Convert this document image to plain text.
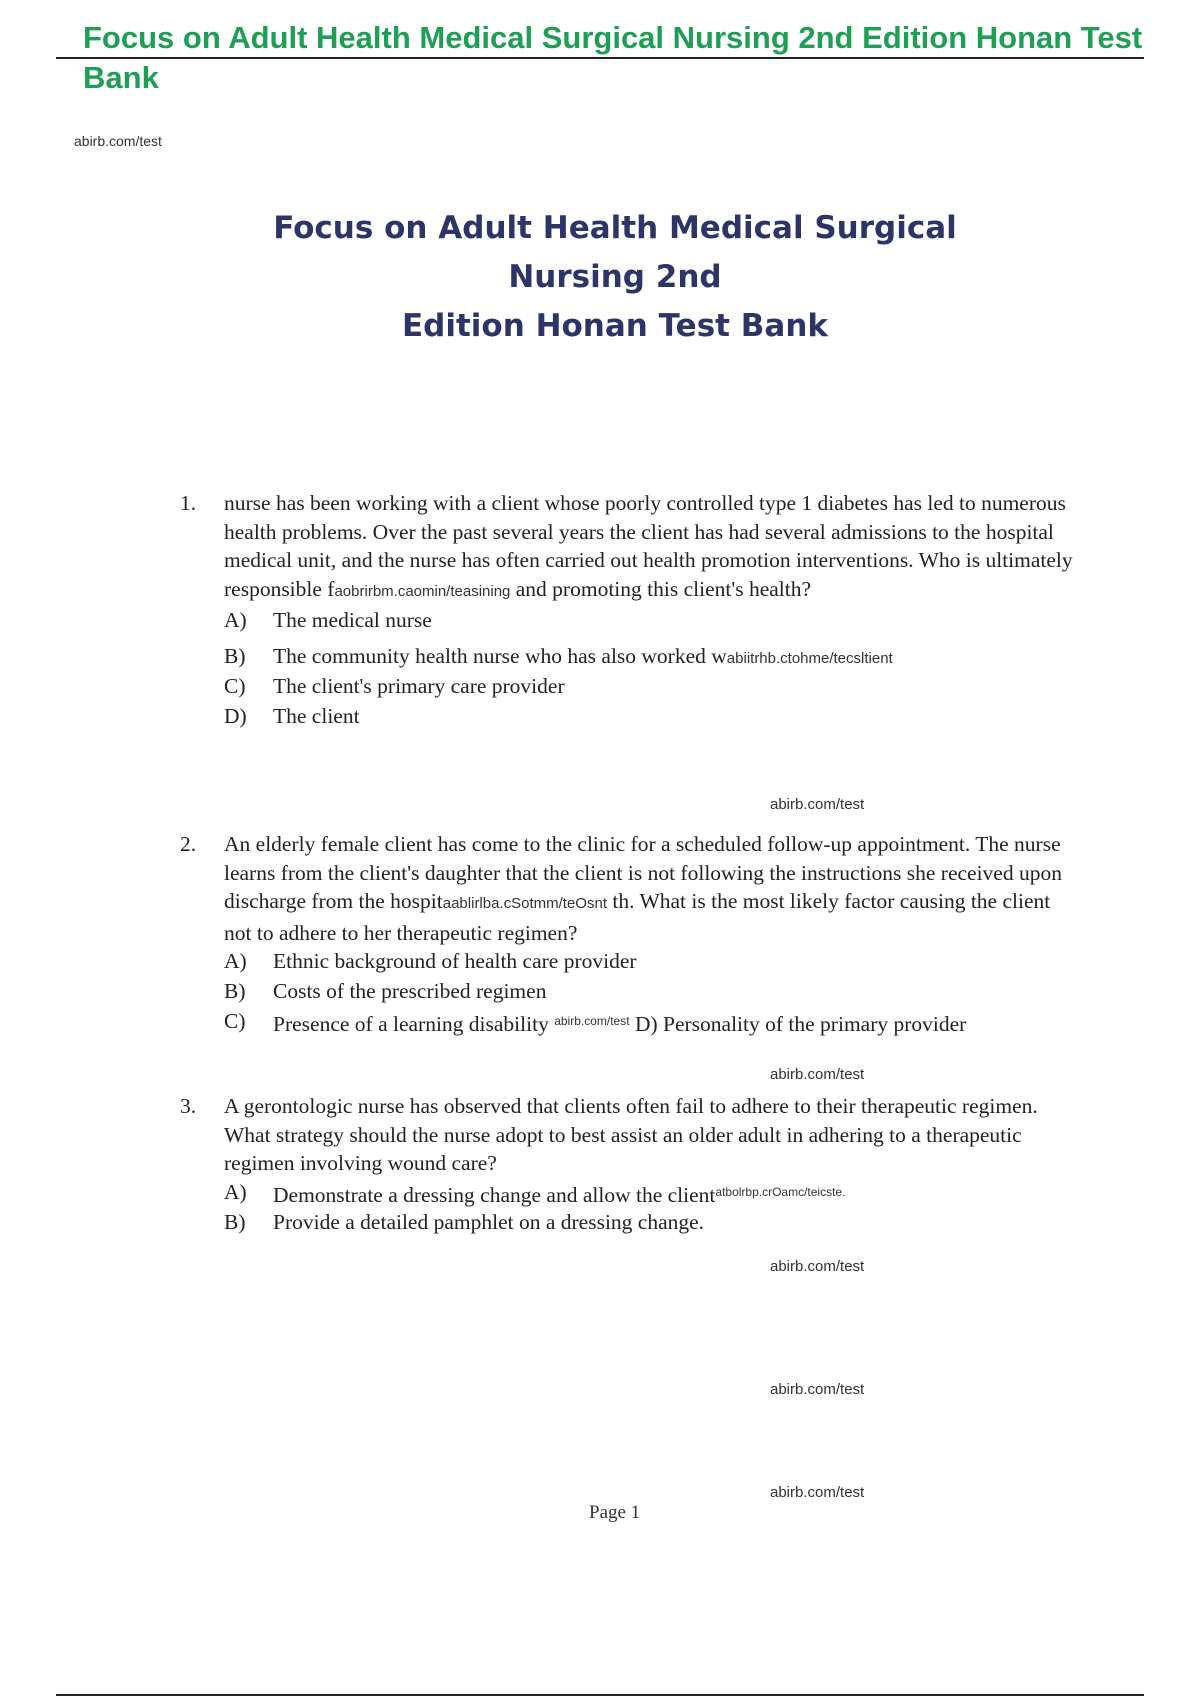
Focus on Adult Health Medical Surgical Nursing 2nd Edition Honan Test Bank
abirb.com/test
Focus on Adult Health Medical Surgical Nursing 2nd
Edition Honan Test Bank
1. nurse has been working with a client whose poorly controlled type 1 diabetes has led to numerous health problems. Over the past several years the client has had several admissions to the hospital medical unit, and the nurse has often carried out health promotion interventions. Who is ultimately responsible faobrirbm.caomin/teasining and promoting this client's health?
A) The medical nurse
B) The community health nurse who has also worked wabiitrhb.ctohme/tecsltient
C) The client's primary care provider
D) The client
abirb.com/test
2. An elderly female client has come to the clinic for a scheduled follow-up appointment. The nurse learns from the client's daughter that the client is not following the instructions she received upon discharge from the hospitaablirlba.cSotmm/teOsnt th. What is the most likely factor causing the client not to adhere to her therapeutic regimen?
A) Ethnic background of health care provider
B) Costs of the prescribed regimen
C) Presence of a learning disability $^{abirb.com/test}$ D) Personality of the primary provider
abirb.com/test
3. A gerontologic nurse has observed that clients often fail to adhere to their therapeutic regimen. What strategy should the nurse adopt to best assist an older adult in adhering to a therapeutic regimen involving wound care?
A) Demonstrate a dressing change and allow the client$^{atbolrbp.crOamc/teicste.}$
B) Provide a detailed pamphlet on a dressing change.
abirb.com/test
abirb.com/test
abirb.com/test
Page 1
